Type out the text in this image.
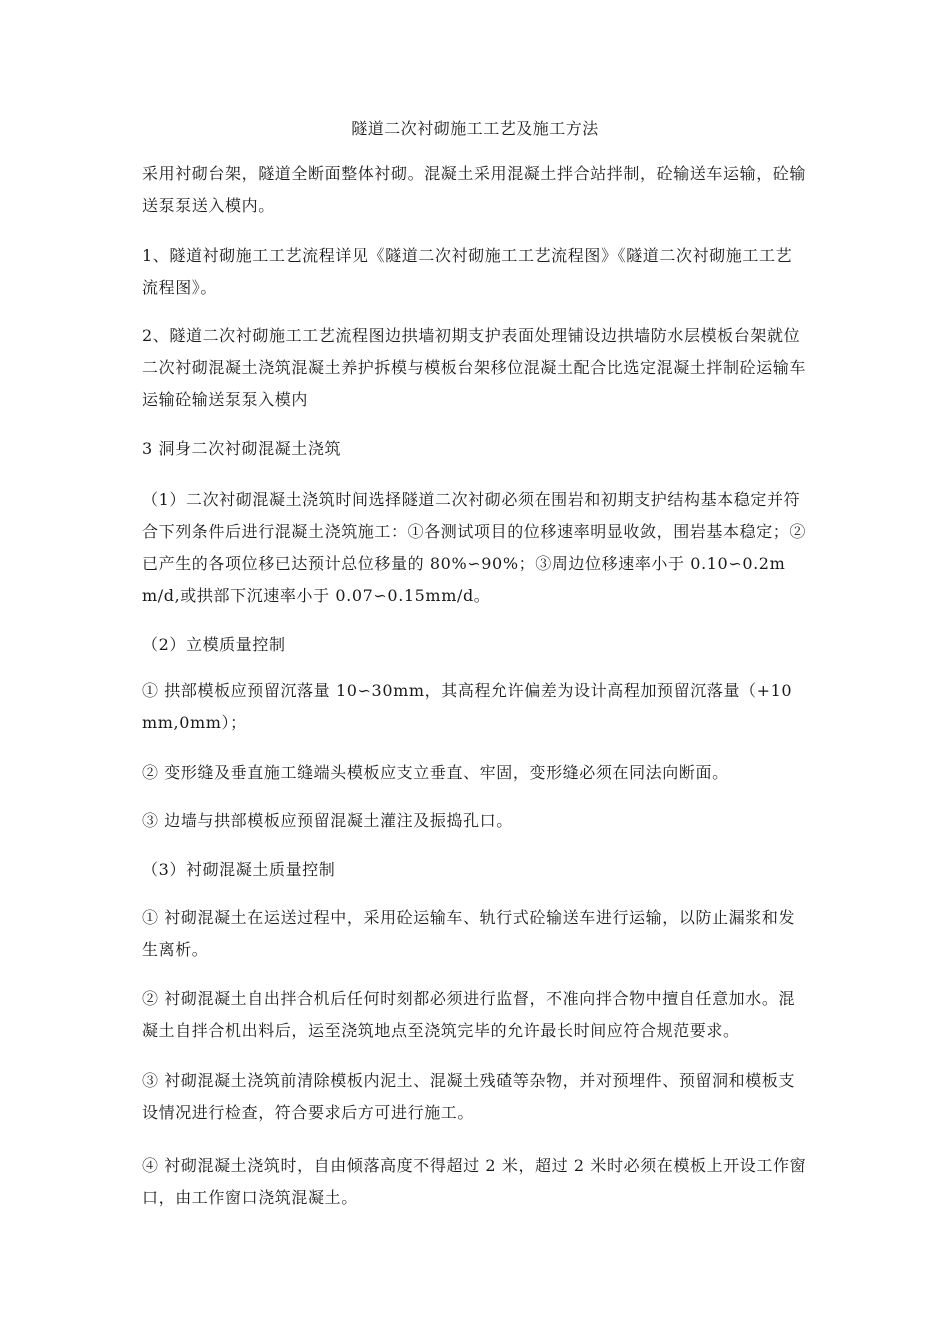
隧道二次衬砌施工工艺及施工方法

采用衬砌台架，隧道全断面整体衬砌。混凝土采用混凝土拌合站拌制，砼输送车运输，砼输送泵泵送入模内。

1、隧道衬砌施工工艺流程详见《隧道二次衬砌施工工艺流程图》《隧道二次衬砌施工工艺流程图》。

2、隧道二次衬砌施工工艺流程图边拱墙初期支护表面处理铺设边拱墙防水层模板台架就位二次衬砌混凝土浇筑混凝土养护拆模与模板台架移位混凝土配合比选定混凝土拌制砼运输车运输砼输送泵泵入模内

3 洞身二次衬砌混凝土浇筑

（1）二次衬砌混凝土浇筑时间选择隧道二次衬砌必须在围岩和初期支护结构基本稳定并符合下列条件后进行混凝土浇筑施工：①各测试项目的位移速率明显收敛，围岩基本稳定；②已产生的各项位移已达预计总位移量的 80%∽90%；③周边位移速率小于 0.10∽0.2mm/d,或拱部下沉速率小于 0.07∽0.15mm/d。

（2）立模质量控制

① 拱部模板应预留沉落量 10∽30mm，其高程允许偏差为设计高程加预留沉落量（+10mm,0mm）；

② 变形缝及垂直施工缝端头模板应支立垂直、牢固，变形缝必须在同法向断面。

③ 边墙与拱部模板应预留混凝土灌注及振捣孔口。

（3）衬砌混凝土质量控制

① 衬砌混凝土在运送过程中，采用砼运输车、轨行式砼输送车进行运输，以防止漏浆和发生离析。

② 衬砌混凝土自出拌合机后任何时刻都必须进行监督，不准向拌合物中擅自任意加水。混凝土自拌合机出料后，运至浇筑地点至浇筑完毕的允许最长时间应符合规范要求。

③ 衬砌混凝土浇筑前清除模板内泥土、混凝土残碴等杂物，并对预埋件、预留洞和模板支设情况进行检查，符合要求后方可进行施工。

④ 衬砌混凝土浇筑时，自由倾落高度不得超过 2 米，超过 2 米时必须在模板上开设工作窗口，由工作窗口浇筑混凝土。
